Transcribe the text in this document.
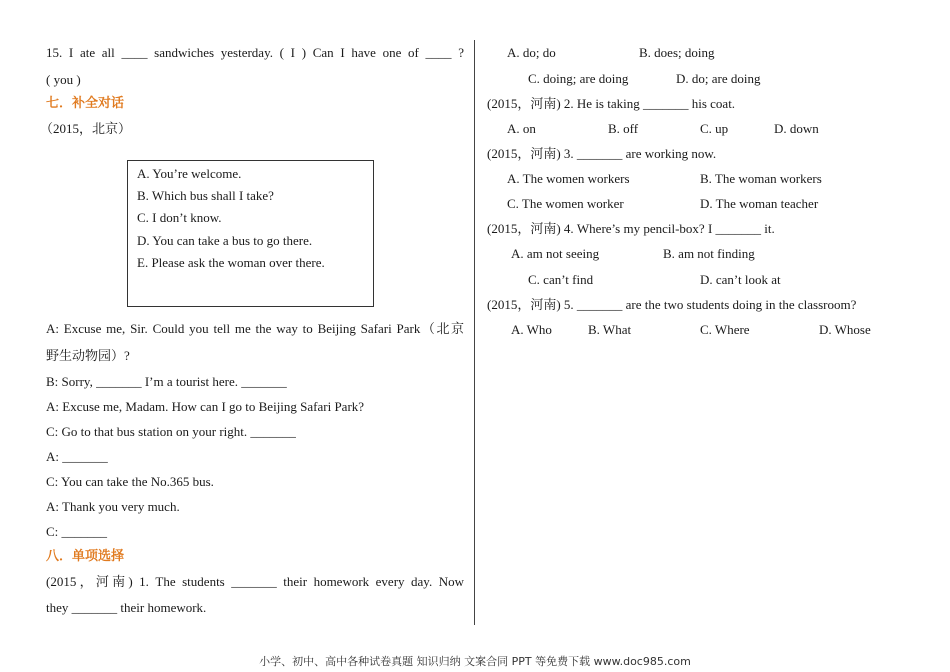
15. I ate all ____ sandwiches yesterday. ( I ) Can I have one of ____ ?
( you )
七．补全对话
（2015，北京）
A. You’re welcome.
B. Which bus shall I take?
C. I don’t know.
D. You can take a bus to go there.
E. Please ask the woman over there.
A: Excuse me, Sir. Could you tell me the way to Beijing Safari Park（北京
野生动物园）?
B: Sorry, _______ I’m a tourist here. _______
A: Excuse me, Madam. How can I go to Beijing Safari Park?
C: Go to that bus station on your right. _______
A: _______
C: You can take the No.365 bus.
A: Thank you very much.
C: _______
八．单项选择
(2015，河南) 1. The students _______ their homework every day. Now
they _______ their homework.
A. do; do	B. does; doing
C. doing; are doing	D. do; are doing
(2015，河南) 2. He is taking _______ his coat.
A. on	B. off	C. up	D. down
(2015，河南) 3. _______ are working now.
A. The women workers	B. The woman workers
C. The women worker	D. The woman teacher
(2015，河南) 4. Where’s my pencil-box? I _______ it.
A. am not seeing	B. am not finding
C. can’t find	D. can’t look at
(2015，河南) 5. _______ are the two students doing in the classroom?
A. Who	B. What	C. Where	D. Whose
小学、初中、高中各种试卷真题 知识归纳 文案合同 PPT 等免费下载 www.doc985.com
